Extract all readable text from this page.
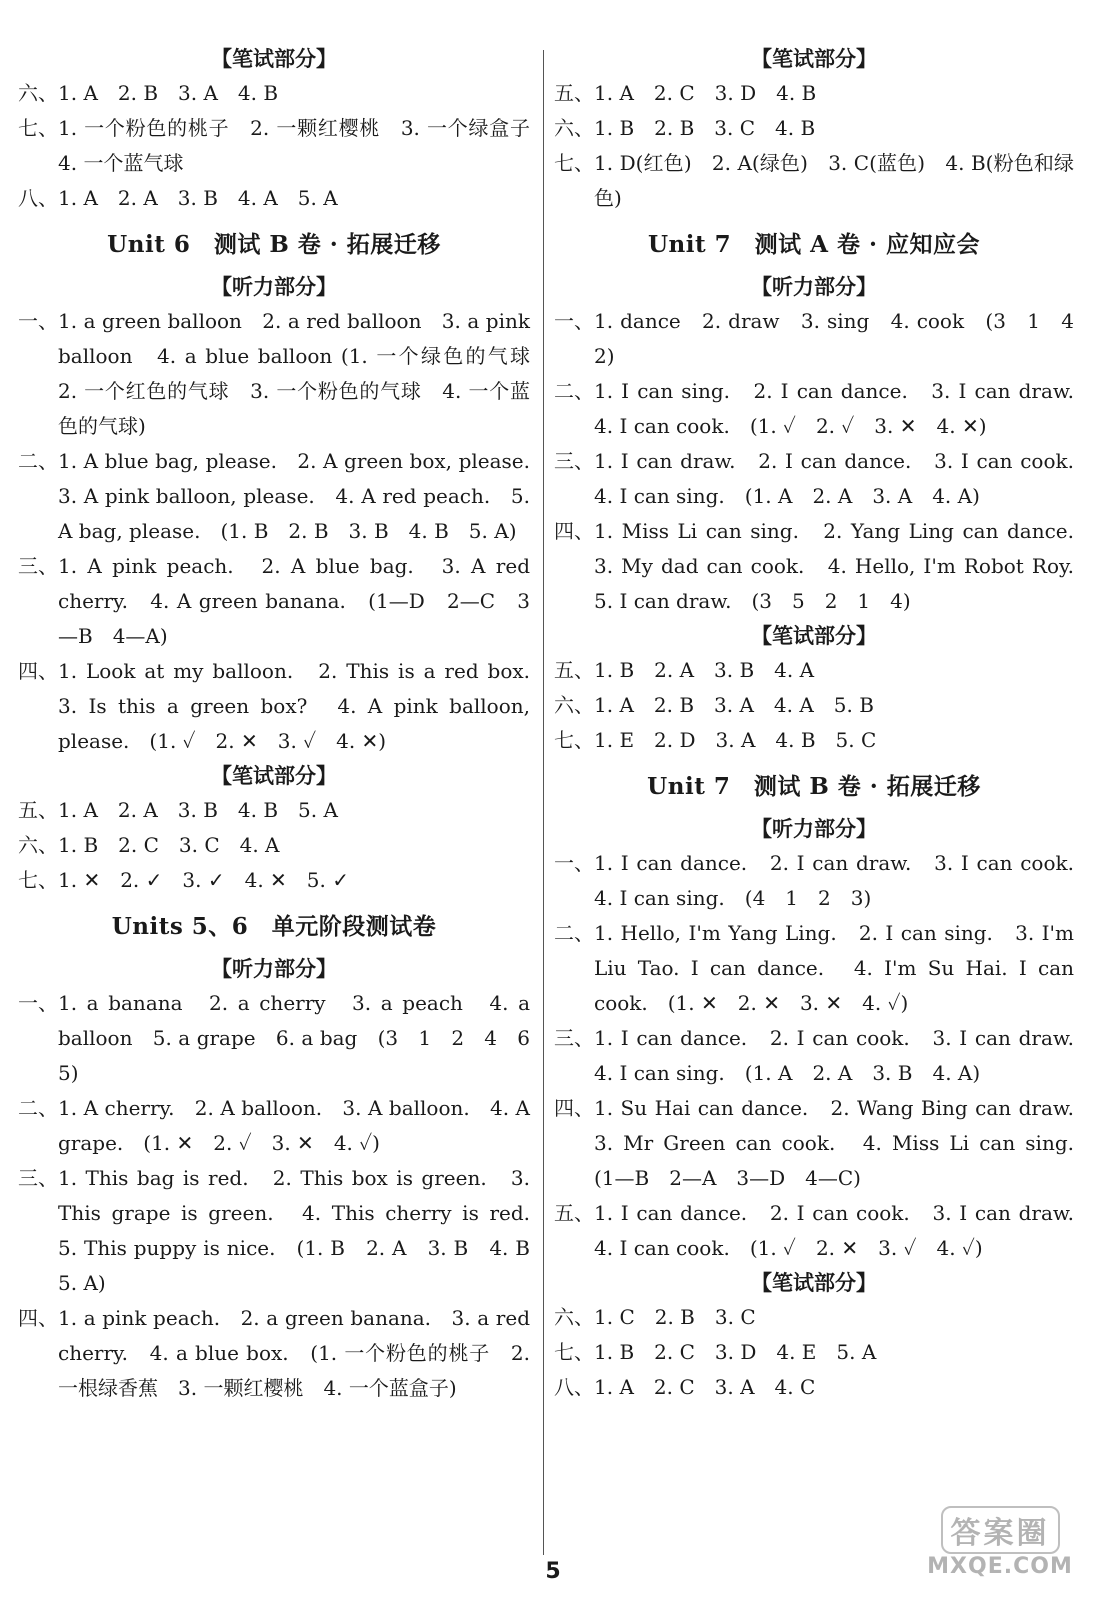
【笔试部分】
六、 1. A　2. B　3. A　4. B
七、 1. 一个粉色的桃子　2. 一颗红樱桃　3. 一个绿盒子　4. 一个蓝气球
八、 1. A　2. A　3. B　4. A　5. A
Unit 6　测试 B 卷 · 拓展迁移
【听力部分】
一、 1. a green balloon　2. a red balloon　3. a pink balloon　4. a blue balloon (1. 一个绿色的气球　2. 一个红色的气球　3. 一个粉色的气球　4. 一个蓝色的气球)
二、 1. A blue bag, please.　2. A green box, please.　3. A pink balloon, please.　4. A red peach.　5. A bag, please.　(1. B　2. B　3. B　4. B　5. A)
三、 1. A pink peach.　2. A blue bag.　3. A red cherry.　4. A green banana.　(1—D　2—C　3—B　4—A)
四、 1. Look at my balloon.　2. This is a red box.　3. Is this a green box?　4. A pink balloon, please.　(1. ✓　2. ✕　3. ✓　4. ✕)
【笔试部分】
五、 1. A　2. A　3. B　4. B　5. A
六、 1. B　2. C　3. C　4. A
七、 1. ✕　2. ✓　3. ✓　4. ✕　5. ✓
Units 5、6　单元阶段测试卷
【听力部分】
一、 1. a banana　2. a cherry　3. a peach　4. a balloon　5. a grape　6. a bag　(3　1　2　4　6　5)
二、 1. A cherry.　2. A balloon.　3. A balloon.　4. A grape.　(1. ✕　2. ✓　3. ✕　4. ✓)
三、 1. This bag is red.　2. This box is green.　3. This grape is green.　4. This cherry is red.　5. This puppy is nice.　(1. B　2. A　3. B　4. B　5. A)
四、 1. a pink peach.　2. a green banana.　3. a red cherry.　4. a blue box.　(1. 一个粉色的桃子　2. 一根绿香蕉　3. 一颗红樱桃　4. 一个蓝盒子)
【笔试部分】
五、 1. A　2. C　3. D　4. B
六、 1. B　2. B　3. C　4. B
七、 1. D(红色)　2. A(绿色)　3. C(蓝色)　4. B(粉色和绿色)
Unit 7　测试 A 卷 · 应知应会
【听力部分】
一、 1. dance　2. draw　3. sing　4. cook　(3　1　4　2)
二、 1. I can sing.　2. I can dance.　3. I can draw.　4. I can cook.　(1. ✓　2. ✓　3. ✕　4. ✕)
三、 1. I can draw.　2. I can dance.　3. I can cook.　4. I can sing.　(1. A　2. A　3. A　4. A)
四、 1. Miss Li can sing.　2. Yang Ling can dance.　3. My dad can cook.　4. Hello, I'm Robot Roy.　5. I can draw.　(3　5　2　1　4)
【笔试部分】
五、 1. B　2. A　3. B　4. A
六、 1. A　2. B　3. A　4. A　5. B
七、 1. E　2. D　3. A　4. B　5. C
Unit 7　测试 B 卷 · 拓展迁移
【听力部分】
一、 1. I can dance.　2. I can draw.　3. I can cook.　4. I can sing.　(4　1　2　3)
二、 1. Hello, I'm Yang Ling.　2. I can sing.　3. I'm Liu Tao. I can dance.　4. I'm Su Hai. I can cook.　(1. ✕　2. ✕　3. ✕　4. ✓)
三、 1. I can dance.　2. I can cook.　3. I can draw.　4. I can sing.　(1. A　2. A　3. B　4. A)
四、 1. Su Hai can dance.　2. Wang Bing can draw.　3. Mr Green can cook.　4. Miss Li can sing.　(1—B　2—A　3—D　4—C)
五、 1. I can dance.　2. I can cook.　3. I can draw.　4. I can cook.　(1. ✓　2. ✕　3. ✓　4. ✓)
【笔试部分】
六、 1. C　2. B　3. C
七、 1. B　2. C　3. D　4. E　5. A
八、 1. A　2. C　3. A　4. C
5
答案圈
MXQE.COM
